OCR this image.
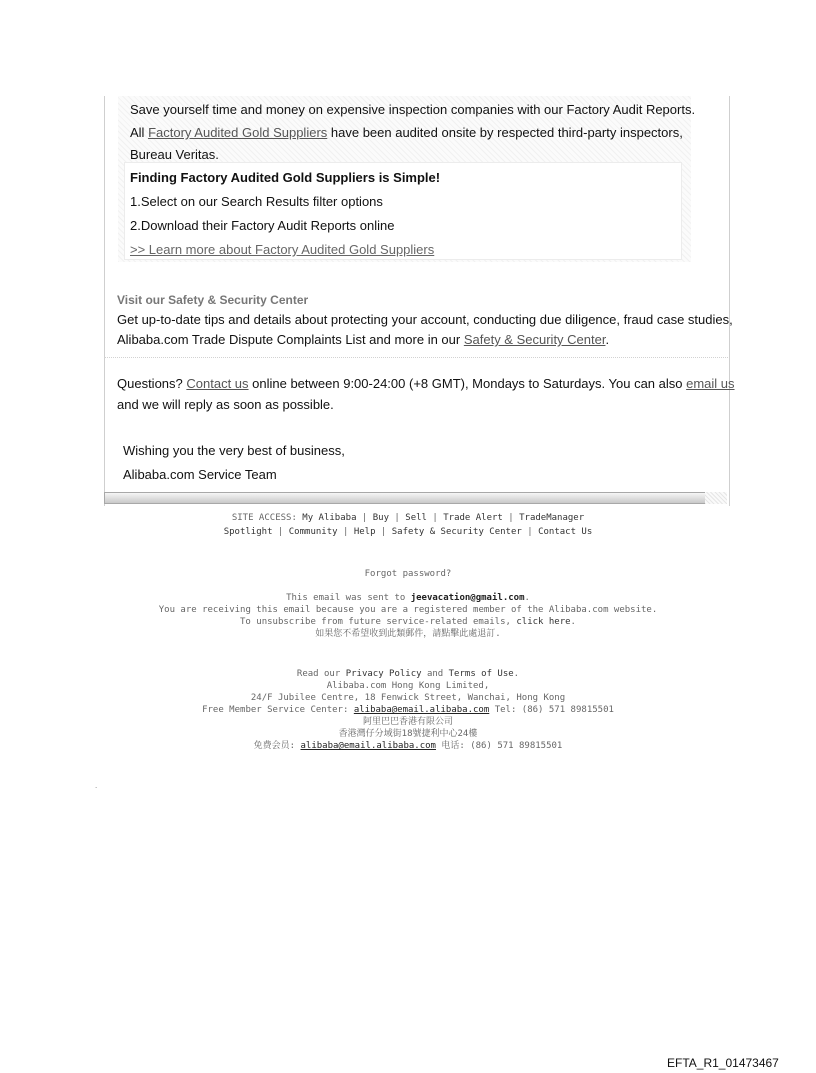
Save yourself time and money on expensive inspection companies with our Factory Audit Reports.
All Factory Audited Gold Suppliers have been audited onsite by respected third-party inspectors,
Bureau Veritas.
Finding Factory Audited Gold Suppliers is Simple!
1.Select on our Search Results filter options
2.Download their Factory Audit Reports online
>> Learn more about Factory Audited Gold Suppliers
Visit our Safety & Security Center
Get up-to-date tips and details about protecting your account, conducting due diligence, fraud case studies,
Alibaba.com Trade Dispute Complaints List and more in our Safety & Security Center.
Questions? Contact us online between 9:00-24:00 (+8 GMT), Mondays to Saturdays. You can also email us
and we will reply as soon as possible.
Wishing you the very best of business,
Alibaba.com Service Team
SITE ACCESS: My Alibaba | Buy | Sell | Trade Alert | TradeManager
Spotlight | Community | Help | Safety & Security Center | Contact Us
Forgot password?
This email was sent to jeevacation@gmail.com.
You are receiving this email because you are a registered member of the Alibaba.com website.
To unsubscribe from future service-related emails, click here.
如果您不希望收到此類郵件，請點擊此處退訂.
Read our Privacy Policy and Terms of Use.
Alibaba.com Hong Kong Limited,
24/F Jubilee Centre, 18 Fenwick Street, Wanchai, Hong Kong
Free Member Service Center: alibaba@email.alibaba.com Tel: (86) 571 89815501
阿里巴巴香港有限公司
香港灣仔分域街18號捷利中心24樓
免费会员: alibaba@email.alibaba.com 电话: (86) 571 89815501
.
EFTA_R1_01473467
